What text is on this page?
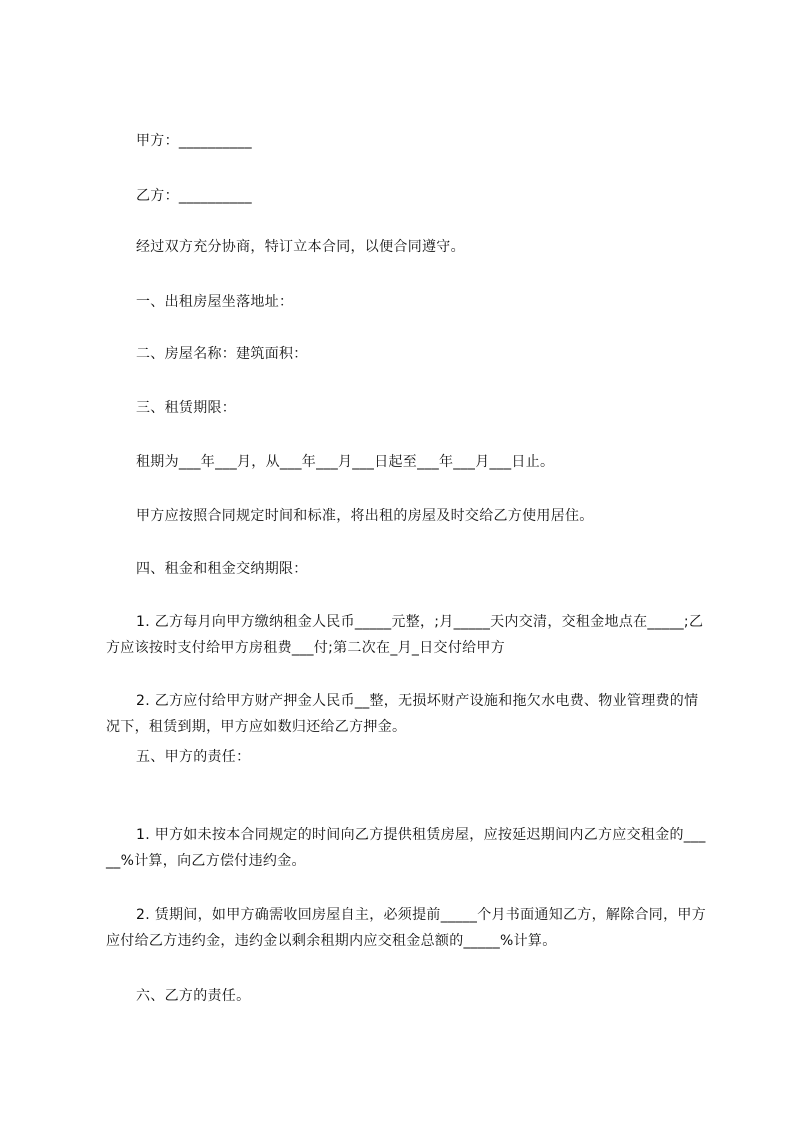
甲方：__________

乙方：__________

经过双方充分协商，特订立本合同，以便合同遵守。

一、出租房屋坐落地址：

二、房屋名称：建筑面积：

三、租赁期限：

租期为___年___月，从___年___月___日起至___年___月___日止。

甲方应按照合同规定时间和标准，将出租的房屋及时交给乙方使用居住。

四、租金和租金交纳期限：

1. 乙方每月向甲方缴纳租金人民币_____元整，;月_____天内交清，交租金地点在_____;乙方应该按时支付给甲方房租费___付;第二次在_月_日交付给甲方

2. 乙方应付给甲方财产押金人民币__整，无损坏财产设施和拖欠水电费、物业管理费的情况下，租赁到期，甲方应如数归还给乙方押金。

五、甲方的责任：

1. 甲方如未按本合同规定的时间向乙方提供租赁房屋，应按延迟期间内乙方应交租金的_____%计算，向乙方偿付违约金。

2. 赁期间，如甲方确需收回房屋自主，必须提前_____个月书面通知乙方，解除合同，甲方应付给乙方违约金，违约金以剩余租期内应交租金总额的_____%计算。

六、乙方的责任。
